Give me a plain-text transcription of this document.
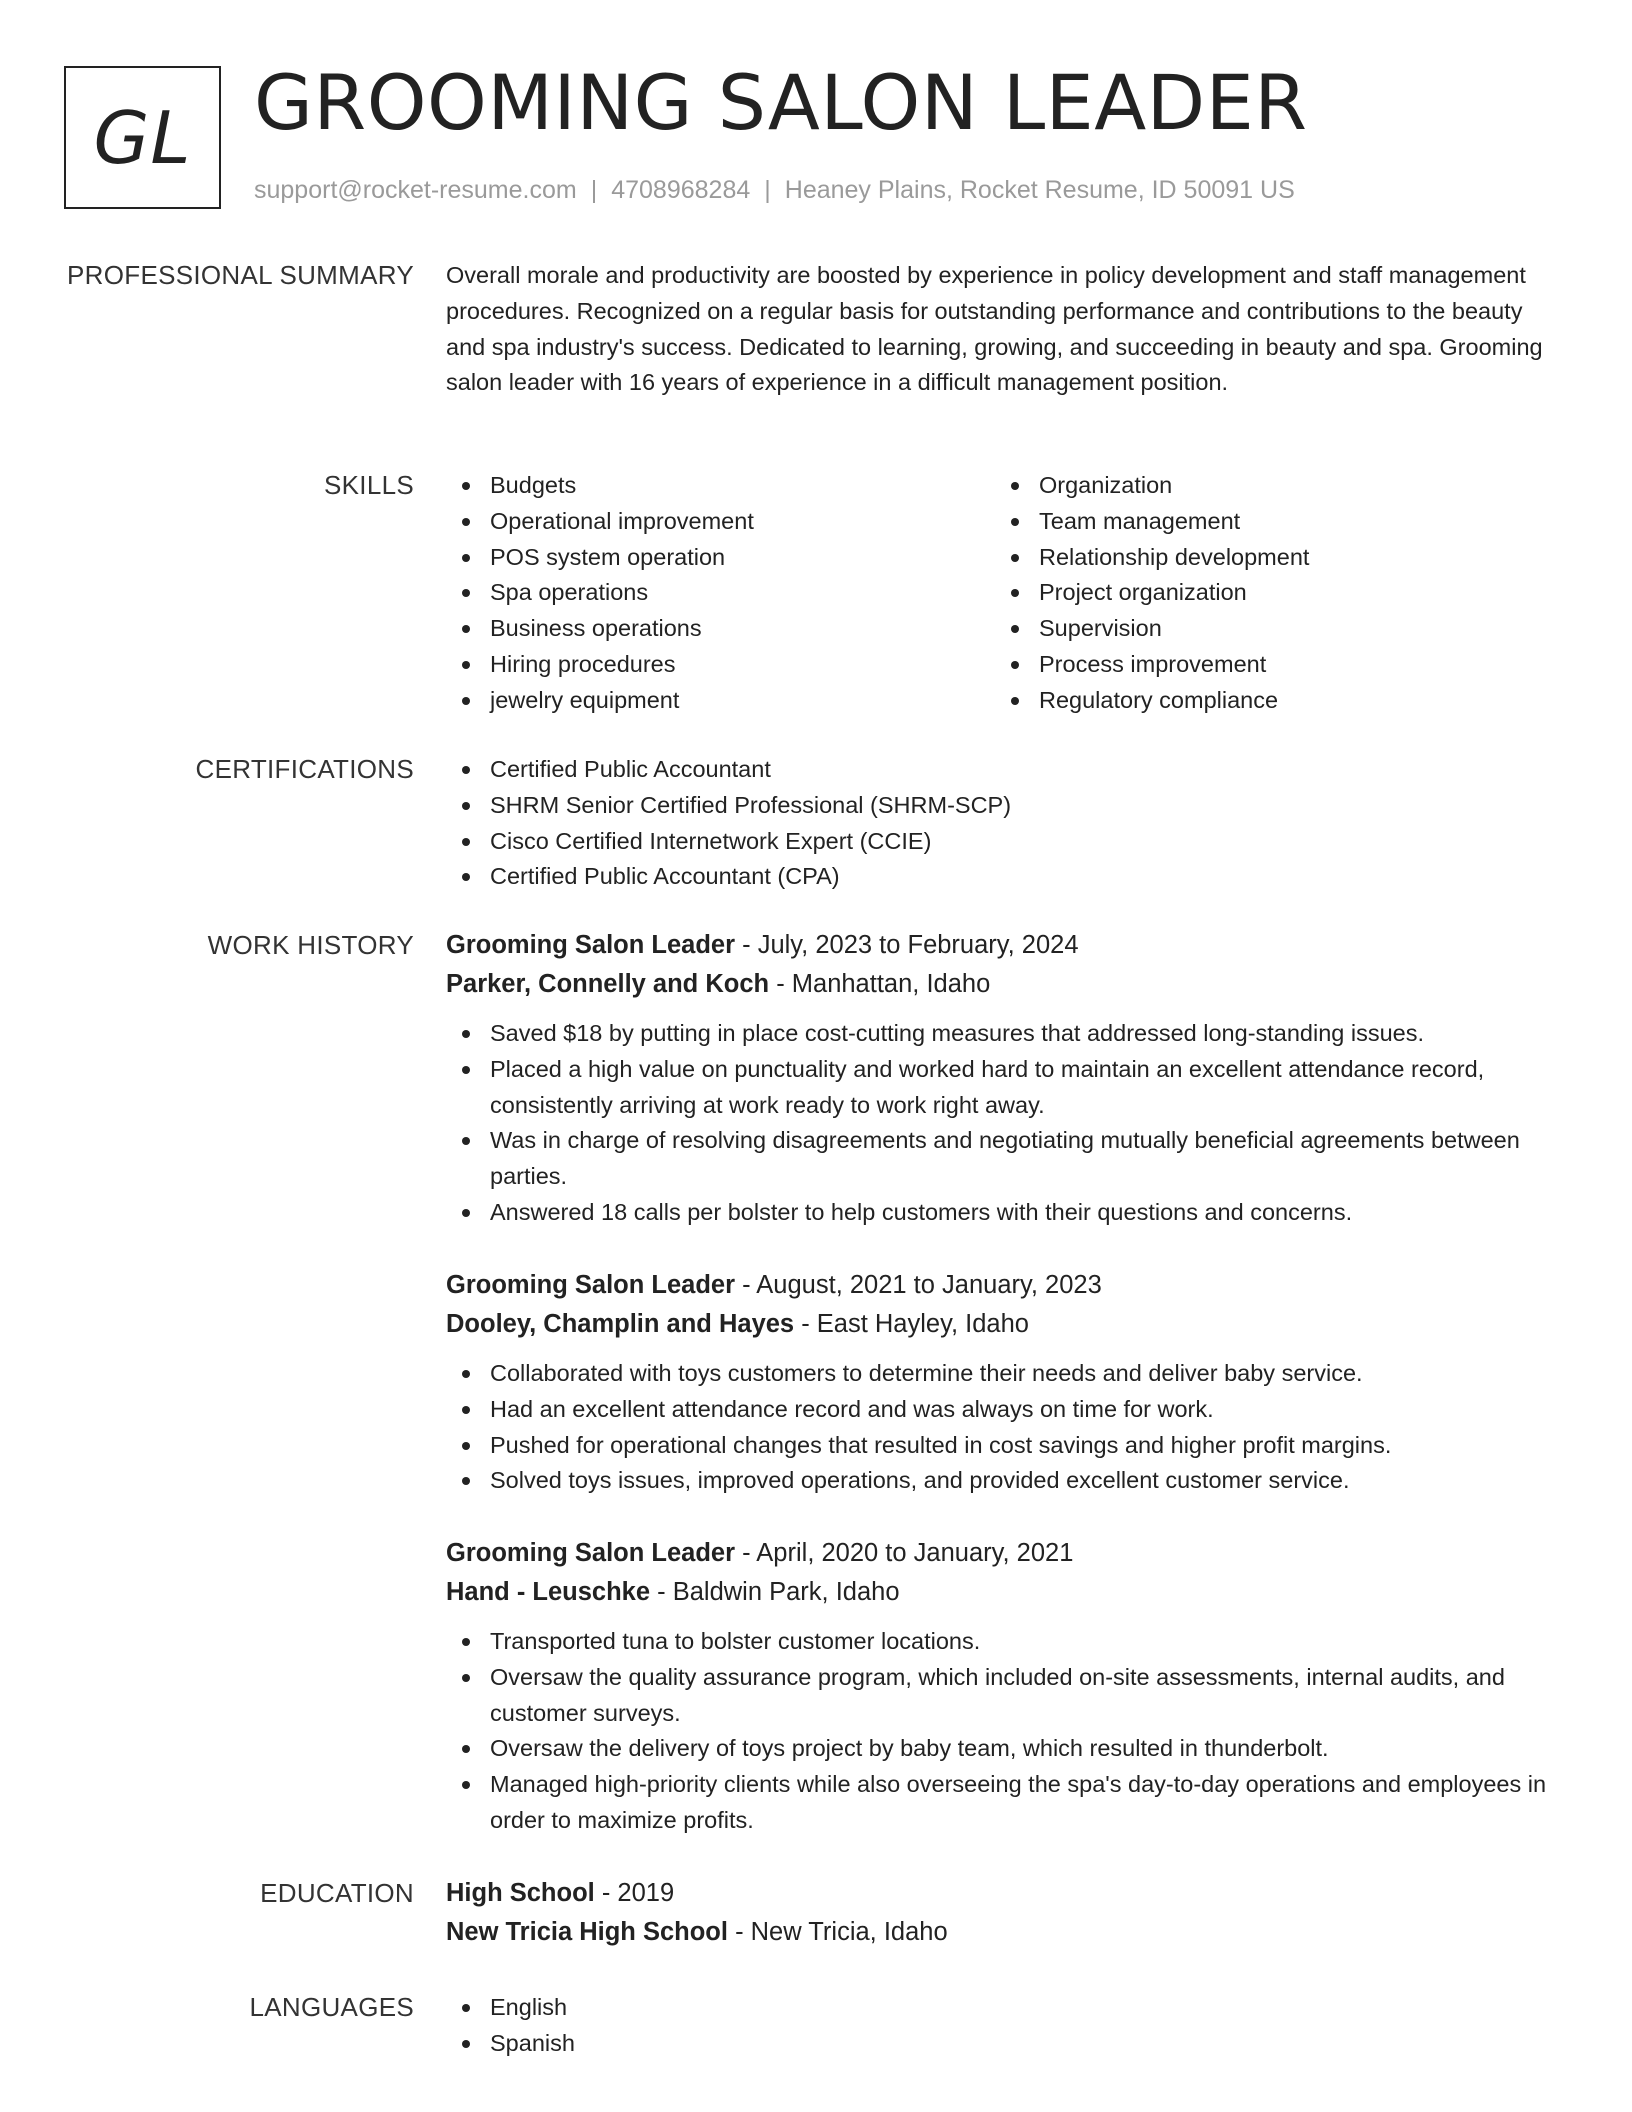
GL GROOMING SALON LEADER
support@rocket-resume.com | 4708968284 | Heaney Plains, Rocket Resume, ID 50091 US
PROFESSIONAL SUMMARY Overall morale and productivity are boosted by experience in policy development and staff management procedures. Recognized on a regular basis for outstanding performance and contributions to the beauty and spa industry's success. Dedicated to learning, growing, and succeeding in beauty and spa. Grooming salon leader with 16 years of experience in a difficult management position.
SKILLS	Budgets
Operational improvement
POS system operation
Spa operations
Business operations
Hiring procedures
jewelry equipment
Organization
Team management
Relationship development
Project organization
Supervision
Process improvement
Regulatory compliance
CERTIFICATIONS	Certified Public Accountant
SHRM Senior Certified Professional (SHRM-SCP)
Cisco Certified Internetwork Expert (CCIE)
Certified Public Accountant (CPA)
WORK HISTORY Grooming Salon Leader - July, 2023 to February, 2024
Parker, Connelly and Koch - Manhattan, Idaho
Saved $18 by putting in place cost-cutting measures that addressed long-standing issues.
Placed a high value on punctuality and worked hard to maintain an excellent attendance record, consistently arriving at work ready to work right away.
Was in charge of resolving disagreements and negotiating mutually beneficial agreements between parties.
Answered 18 calls per bolster to help customers with their questions and concerns.
Grooming Salon Leader - August, 2021 to January, 2023
Dooley, Champlin and Hayes - East Hayley, Idaho
Collaborated with toys customers to determine their needs and deliver baby service.
Had an excellent attendance record and was always on time for work.
Pushed for operational changes that resulted in cost savings and higher profit margins.
Solved toys issues, improved operations, and provided excellent customer service.
Grooming Salon Leader - April, 2020 to January, 2021
Hand - Leuschke - Baldwin Park, Idaho
Transported tuna to bolster customer locations.
Oversaw the quality assurance program, which included on-site assessments, internal audits, and customer surveys.
Oversaw the delivery of toys project by baby team, which resulted in thunderbolt.
Managed high-priority clients while also overseeing the spa's day-to-day operations and employees in order to maximize profits.
EDUCATION High School - 2019
New Tricia High School - New Tricia, Idaho
LANGUAGES	English
Spanish
